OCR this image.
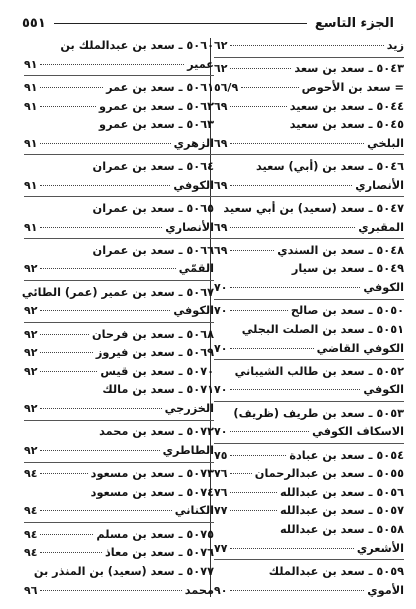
الجزء التاسع
٥٥١
زيد
٦٢
٥٠٤٣ ـ سعد بن سعد
٦٢
= سعد بن الأحوص
٥٦/٩
٥٠٤٤ ـ سعد بن سعيد
٦٩
٥٠٤٥ ـ سعد بن سعيد
البلخي
٦٩
٥٠٤٦ ـ سعد بن (أبي) سعيد
الأنصاري
٦٩
٥٠٤٧ ـ سعد (سعيد) بن أبي سعيد
المقبري
٦٩
٥٠٤٨ ـ سعد بن السندي
٦٩
٥٠٤٩ ـ سعد بن سيار
الكوفي
٧٠
٥٠٥٠ ـ سعد بن صالح
٧٠
٥٠٥١ ـ سعد بن الصلت البجلي
الكوفي القاضي
٧٠
٥٠٥٢ ـ سعد بن طالب الشيباني
الكوفي
٧٠
٥٠٥٣ ـ سعد بن طريف (ظريف)
الاسكاف الكوفي
٧٠
٥٠٥٤ ـ سعد بن عبادة
٧٥
٥٠٥٥ ـ سعد بن عبدالرحمان
٧٦
٥٠٥٦ ـ سعد بن عبدالله
٧٦
٥٠٥٧ ـ سعد بن عبدالله
٧٧
٥٠٥٨ ـ سعد بن عبدالله
الأشعري
٧٧
٥٠٥٩ ـ سعد بن عبدالملك
الأموي
٩٠
٥٠٦٠ ـ سعد بن عبدالملك بن
عمير
٩١
٥٠٦١ ـ سعد بن عمر
٩١
٥٠٦٢ ـ سعد بن عمرو
٩١
٥٠٦٣ ـ سعد بن عمرو
الزهري
٩١
٥٠٦٤ ـ سعد بن عمران
الكوفي
٩١
٥٠٦٥ ـ سعد بن عمران
الأنصاري
٩١
٥٠٦٦ ـ سعد بن عمران
القمّي
٩٢
٥٠٦٧ ـ سعد بن عمير (عمر) الطائي
الكوفي
٩٢
٥٠٦٨ ـ سعد بن فرحان
٩٢
٥٠٦٩ ـ سعد بن فيروز
٩٢
٥٠٧٠ ـ سعد بن قيس
٩٢
٥٠٧١ ـ سعد بن مالك
الخزرجي
٩٢
٥٠٧٢ ـ سعد بن محمد
الطاطري
٩٢
٥٠٧٣ ـ سعد بن مسعود
٩٤
٥٠٧٤ ـ سعد بن مسعود
الكناني
٩٤
٥٠٧٥ ـ سعد بن مسلم
٩٤
٥٠٧٦ ـ سعد بن معاذ
٩٤
٥٠٧٧ ـ سعد (سعيد) بن المنذر بن
محمد
٩٦
